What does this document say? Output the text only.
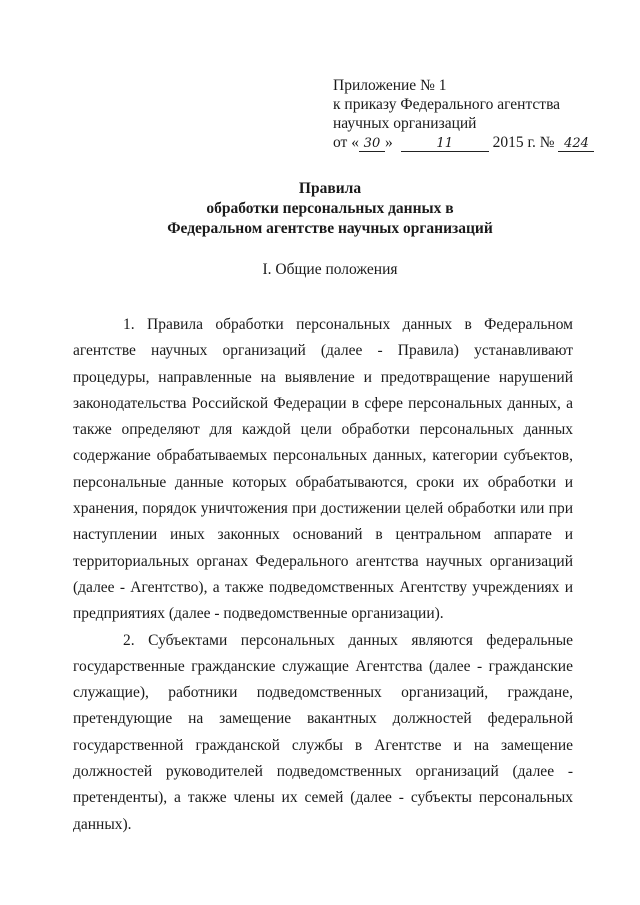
Приложение № 1
к приказу Федерального агентства
научных организаций
от « 30 »	11	2015 г. № 424
Правила
обработки персональных данных в
Федеральном агентстве научных организаций
I. Общие положения

1. Правила обработки персональных данных в Федеральном агентстве научных организаций (далее - Правила) устанавливают процедуры, направленные на выявление и предотвращение нарушений законодательства Российской Федерации в сфере персональных данных, а также определяют для каждой цели обработки персональных данных содержание обрабатываемых персональных данных, категории субъектов, персональные данные которых обрабатываются, сроки их обработки и хранения, порядок уничтожения при достижении целей обработки или при наступлении иных законных оснований в центральном аппарате и территориальных органах Федерального агентства научных организаций (далее - Агентство), а также подведомственных Агентству учреждениях и предприятиях (далее - подведомственные организации).

2. Субъектами персональных данных являются федеральные государственные гражданские служащие Агентства (далее - гражданские служащие), работники подведомственных организаций, граждане, претендующие на замещение вакантных должностей федеральной государственной гражданской службы в Агентстве и на замещение должностей руководителей подведомственных организаций (далее - претенденты), а также члены их семей (далее - субъекты персональных данных).
